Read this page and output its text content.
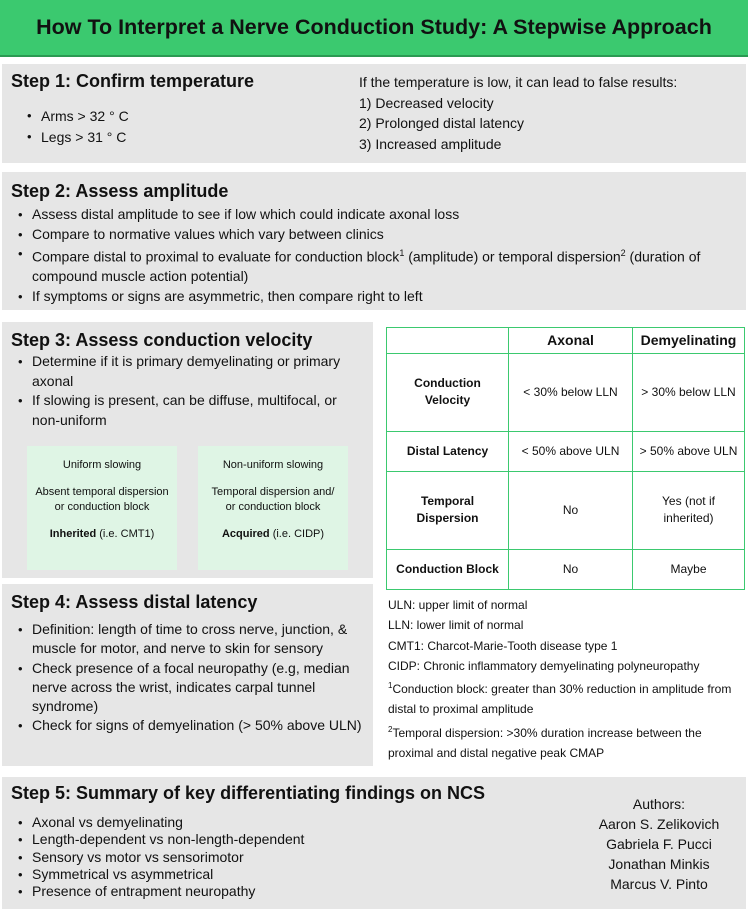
How To Interpret a Nerve Conduction Study: A Stepwise Approach
Step 1: Confirm temperature
• Arms > 32 ° C
• Legs > 31 ° C
If the temperature is low, it can lead to false results:
1) Decreased velocity
2) Prolonged distal latency
3) Increased amplitude
Step 2: Assess amplitude
• Assess distal amplitude to see if low which could indicate axonal loss
• Compare to normative values which vary between clinics
• Compare distal to proximal to evaluate for conduction block$^1$ (amplitude) or temporal dispersion$^2$ (duration of compound muscle action potential)
• If symptoms or signs are asymmetric, then compare right to left
Step 3: Assess conduction velocity
• Determine if it is primary demyelinating or primary axonal
• If slowing is present, can be diffuse, multifocal, or non-uniform

Uniform slowing

Absent temporal dispersion or conduction block

Inherited (i.e. CMT1)

Non-uniform slowing

Temporal dispersion and/ or conduction block

Acquired (i.e. CIDP)

	Axonal	Demyelinating
Conduction Velocity	< 30% below LLN	> 30% below LLN
Distal Latency	< 50% above ULN	> 50% above ULN
Temporal Dispersion	No	Yes (not if inherited)
Conduction Block	No	Maybe
Step 4: Assess distal latency
• Definition: length of time to cross nerve, junction, & muscle for motor, and nerve to skin for sensory
• Check presence of a focal neuropathy (e.g, median nerve across the wrist, indicates carpal tunnel syndrome)
• Check for signs of demyelination (> 50% above ULN)
ULN: upper limit of normal
LLN: lower limit of normal
CMT1: Charcot-Marie-Tooth disease type 1
CIDP: Chronic inflammatory demyelinating polyneuropathy
$^1$Conduction block: greater than 30% reduction in amplitude from distal to proximal amplitude
$^2$Temporal dispersion: >30% duration increase between the proximal and distal negative peak CMAP
Step 5: Summary of key differentiating findings on NCS
• Axonal vs demyelinating
• Length-dependent vs non-length-dependent
• Sensory vs motor vs sensorimotor
• Symmetrical vs asymmetrical
• Presence of entrapment neuropathy
Authors:
Aaron S. Zelikovich
Gabriela F. Pucci
Jonathan Minkis
Marcus V. Pinto
